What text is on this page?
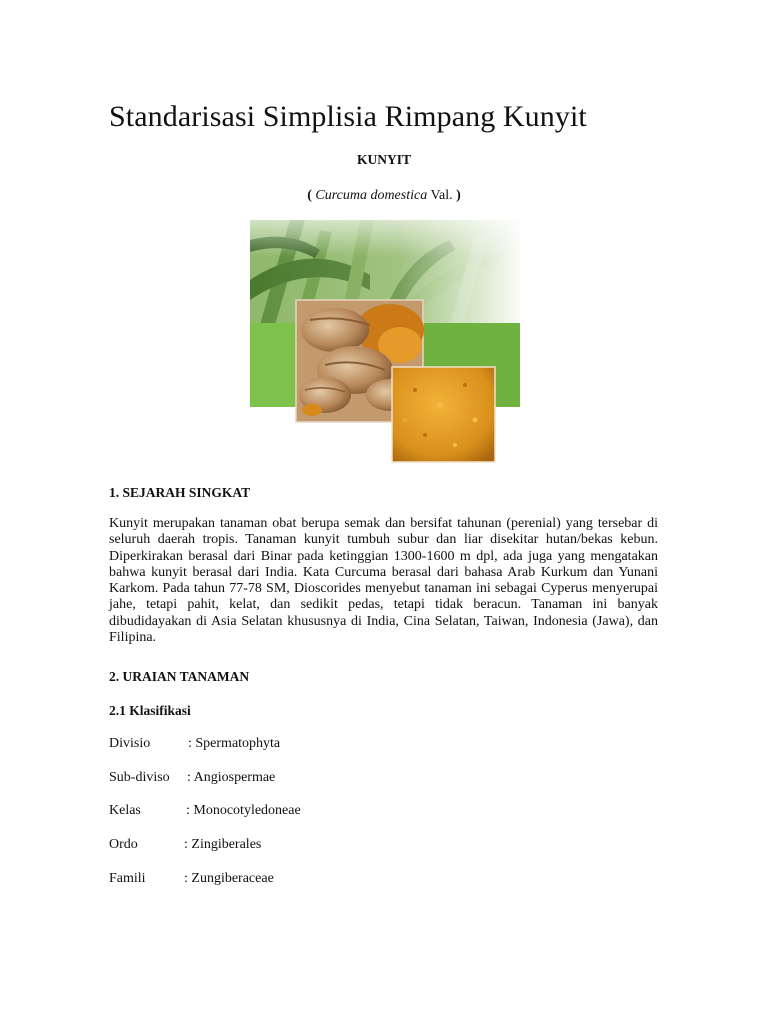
Standarisasi Simplisia Rimpang Kunyit
KUNYIT
( Curcuma domestica Val. )
1. SEJARAH SINGKAT

Kunyit merupakan tanaman obat berupa semak dan bersifat tahunan (perenial) yang tersebar di seluruh daerah tropis. Tanaman kunyit tumbuh subur dan liar disekitar hutan/bekas kebun. Diperkirakan berasal dari Binar pada ketinggian 1300-1600 m dpl, ada juga yang mengatakan bahwa kunyit berasal dari India. Kata Curcuma berasal dari bahasa Arab Kurkum dan Yunani Karkom. Pada tahun 77-78 SM, Dioscorides menyebut tanaman ini sebagai Cyperus menyerupai jahe, tetapi pahit, kelat, dan sedikit pedas, tetapi tidak beracun. Tanaman ini banyak dibudidayakan di Asia Selatan khususnya di India, Cina Selatan, Taiwan, Indonesia (Jawa), dan Filipina.

2. URAIAN TANAMAN
2.1 Klasifikasi
Divisio	: Spermatophyta
Sub-diviso : Angiospermae
Kelas	: Monocotyledoneae
Ordo	: Zingiberales
Famili	: Zungiberaceae
